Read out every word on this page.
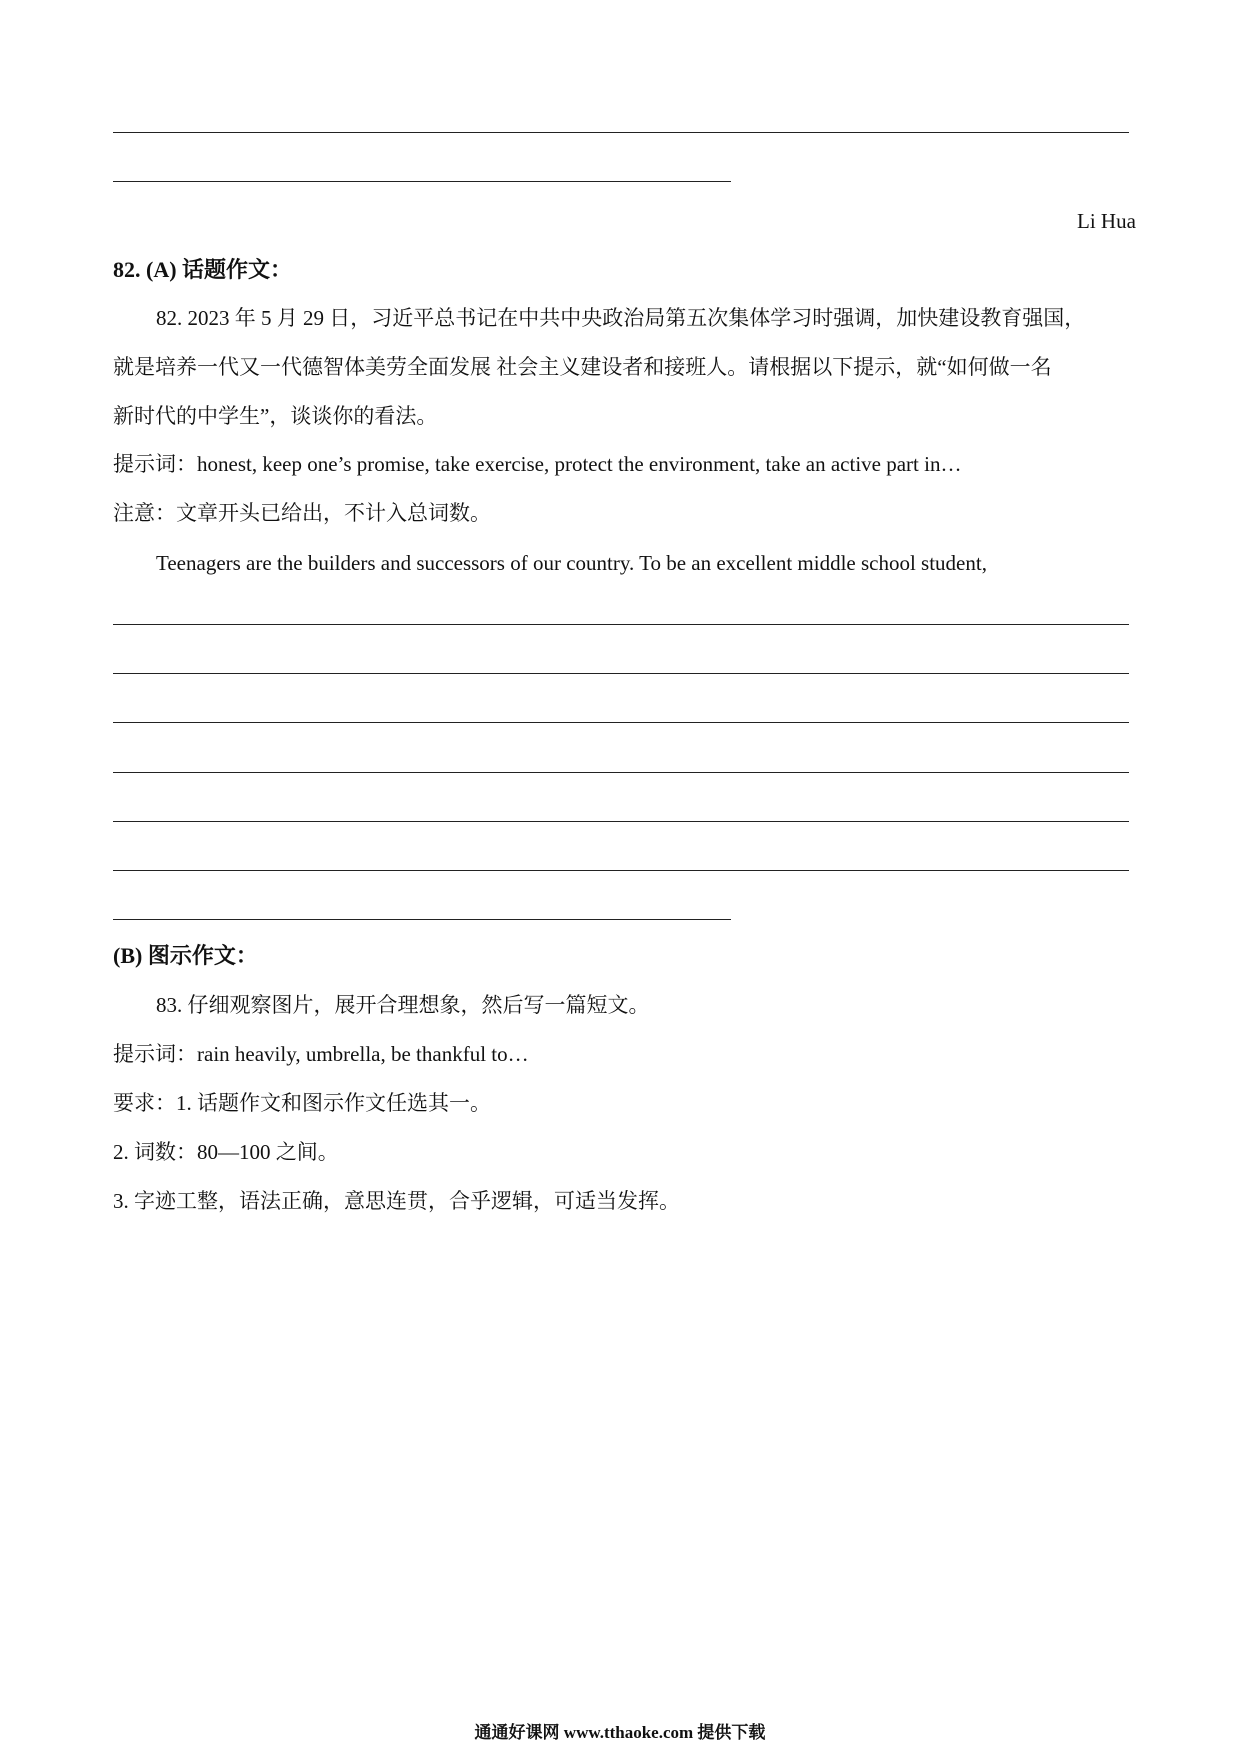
Li Hua
82. (A) 话题作文：
82. 2023 年 5 月 29 日，习近平总书记在中共中央政治局第五次集体学习时强调，加快建设教育强国，
就是培养一代又一代德智体美劳全面发展 社会主义建设者和接班人。请根据以下提示，就“如何做一名
新时代的中学生”，谈谈你的看法。
提示词：honest, keep one’s promise, take exercise, protect the environment, take an active part in…
注意：文章开头已给出，不计入总词数。
Teenagers are the builders and successors of our country. To be an excellent middle school student,
(B) 图示作文：
83. 仔细观察图片，展开合理想象，然后写一篇短文。
提示词：rain heavily, umbrella, be thankful to…
要求：1. 话题作文和图示作文任选其一。
2. 词数：80—100 之间。
3. 字迹工整，语法正确，意思连贯，合乎逻辑，可适当发挥。
通通好课网 www.tthaoke.com 提供下载
